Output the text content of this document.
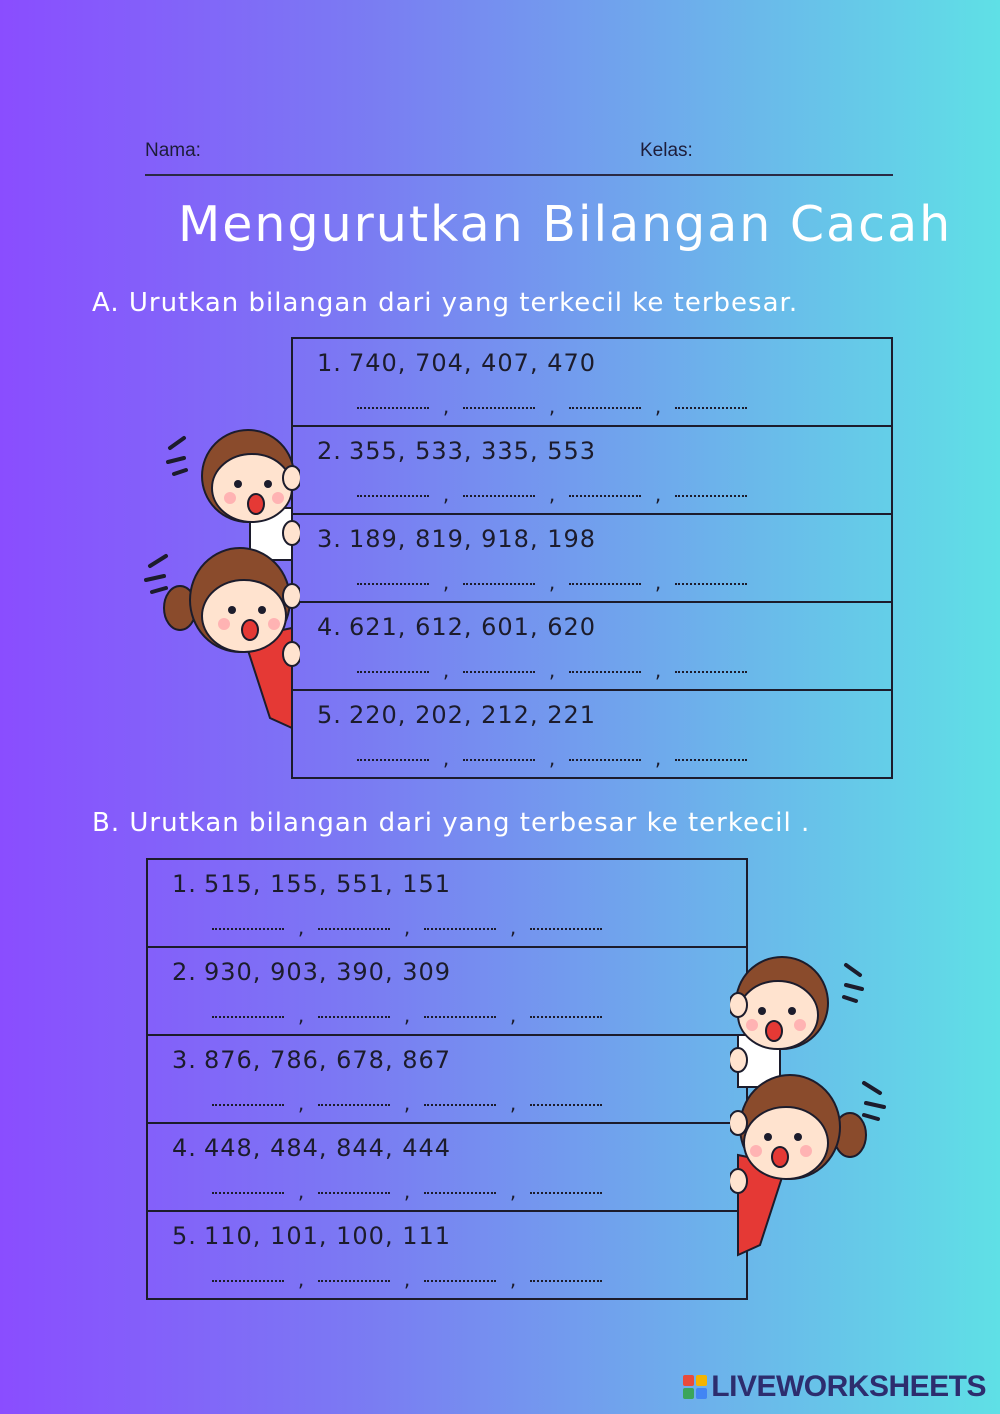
Nama:	Kelas:
Mengurutkan Bilangan Cacah
A. Urutkan bilangan dari yang terkecil ke terbesar.
1. 740, 704, 407, 470
,	,	,
2. 355, 533, 335, 553
,	,	,
3. 189, 819, 918, 198
,	,	,
4. 621, 612, 601, 620
,	,	,
5. 220, 202, 212, 221
,	,	,
B. Urutkan bilangan dari yang terbesar ke terkecil .
1. 515, 155, 551, 151
,	,	,
2. 930, 903, 390, 309
,	,	,
3. 876, 786, 678, 867
,	,	,
4. 448, 484, 844, 444
,	,	,
5. 110, 101, 100, 111
,	,	,
LIVEWORKSHEETS
